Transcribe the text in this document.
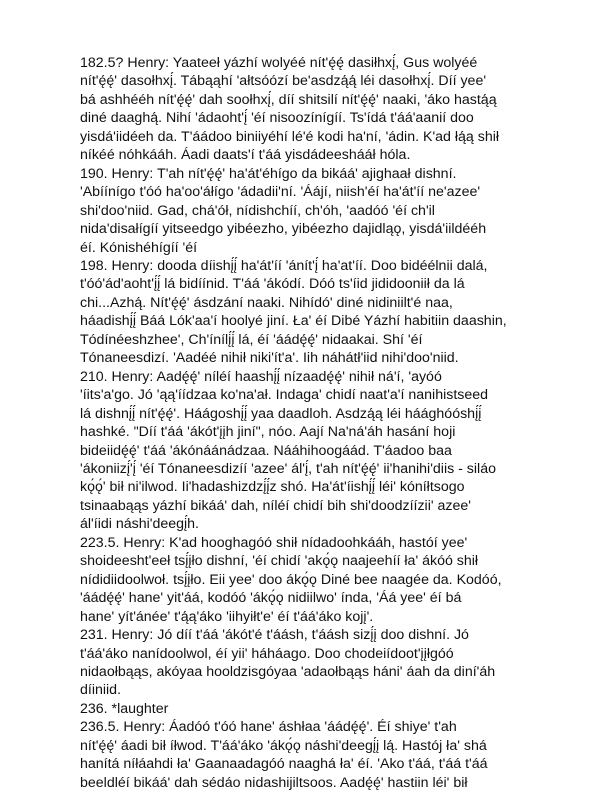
182.5? Henry: Yaateeł yázhí wolyéé nít'ę́ę́ dasiłhxį́, Gus wolyéé
nít'ę́ę́' dasołhxį́. Tábąąhí 'ałtsóózí be'asdzą́ą́ léi dasołhxį́. Díí yee'
bá ashhééh nít'ę́ę́' dah soołhxį́, díí shitsilí nít'ę́ę́' naaki, 'áko hastą́ą
diné daaghą́. Nihí 'ádaoht'į́ 'éí nisoozínígíí. Ts'ídá t'áá'aanií doo
yisdá'iidéeh da. T'áádoo biniiyéhí lé'é kodi ha'ní, 'ádin. K'ad łą́ą shił
níkéé nóhkááh. Áadi daats'í t'áá yisdádeeshááł hóla.

190. Henry: T'ah nít'ę́ę́' ha'át'éhígo da bikáá' ajighaał dishní.
'Abíínígo t'óó ha'oo'áłígo 'ádadii'ní. 'Áájí, niish'éí ha'át'íí ne'azee'
shi'doo'niid. Gad, chá'ół, nídishchíí, ch'óh, 'aadóó 'éí ch'il
nida'disałígíí yitseedgo yibéezho, yibéezho dajidląǫ, yisdá'iildééh
éí. Kónishéhígíí 'éí

198. Henry: dooda díishį́į́ ha'át'íí 'ánít'į́ ha'at'íí. Doo bidéélnii dalá,
t'óó'ád'aoht'į́į́ lá bidíínid. T'áá 'ákódí. Dóó ts'íid jididooniił da lá
chi...Azhą́. Nít'ę́ę́' ásdzání naaki. Nihídó' diné nidiniilt'é naa,
háadishį́į́ Báá Lók'aa'í hoolyé jiní. Ła' éí Dibé Yázhí habitiin daashin,
Tódínéeshzhee', Ch'ínílį́į́ lá, éí 'áádę́ę́' nidaakai. Shí 'éí
Tónaneesdizí. 'Aadéé nihił niki'ít'a'. Iih náhátł'iid nihi'doo'niid.

210. Henry: Aadę́ę́' níléí haashį́į́ nízaadę́ę́' nihił ná'í, 'ayóó
'íits'a'go. Jó 'ąą'íídzaa ko'na'ał. Indaga' chidí naat'a'í nanihistseed
lá dishnį́į́ nít'ę́ę́'. Háágoshį́į́ yaa daadloh. Asdzą́ą léi háághóóshį́į́
hashké. "Díí t'áá 'ákót'įįh jiní", nóo. Aají Na'ná'áh hasání hoji
bideiidę́ę́' t'áá 'ákónáánádzaa. Nááhihoogáád. T'áadoo baa
'ákoniizį́'į́ 'éí Tónaneesdizíí 'azee' ál'į́, t'ah nít'ę́ę́' ii'hanihi'diis - siláo
kǫ́ǫ́' bił ni'ilwod. Ii'hadashizdzį́į́z shó. Ha'át'íishį́į́ léi' kóníłtsogo
tsinaabąąs yázhí bikáá' dah, níléí chidí bih shi'doodzíízii' azee'
ál'íidi náshi'deegį́h.

223.5. Henry: K'ad hooghagóó shił nídadoohkááh, hastóí yee'
shoideesht'eeł tsį́įło dishní, 'éí chidí 'akǫ́ǫ naajeehíí ła' ákóó shił
nídidiidoolwoł. tsį́įło. Eii yee' doo ákǫ́ǫ Diné bee naagée da. Kodóó,
'áádę́ę́' hane' yit'áá, kodóó 'ákǫ́ǫ nidiilwo' índa, 'Áá yee' éí bá
hane' yít'ánée' t'ą́ą'áko 'iihyiłt'e' éí t'áá'áko kojį'.

231. Henry: Jó díí t'áá 'ákót'é t'áásh, t'áásh sizį́į doo dishní. Jó
t'áá'áko nanídoolwol, éí yii' háháago. Doo chodeiídoot'įįłgóó
nidaołbąąs, akóyaa hooldzisgóyaa 'adaołbąąs háni' áah da diní'áh
díiniid.

236. *laughter

236.5. Henry: Áadóó t'óó hane' áshłaa 'áádę́ę́'. Éí shiye' t'ah
nít'ę́ę́' áadi bił íłwod. T'áá'áko 'ákǫ́ǫ náshi'deegį́į lą́. Hastój ła' shá
hanítá níłáahdi ła' Gaanaadagóó naaghá ła' éí. 'Ako t'áá, t'áá t'áá
beeldléí bikáá' dah sédáo nidashijiltsoos. Aadę́ę́' hastiin léi' bił
